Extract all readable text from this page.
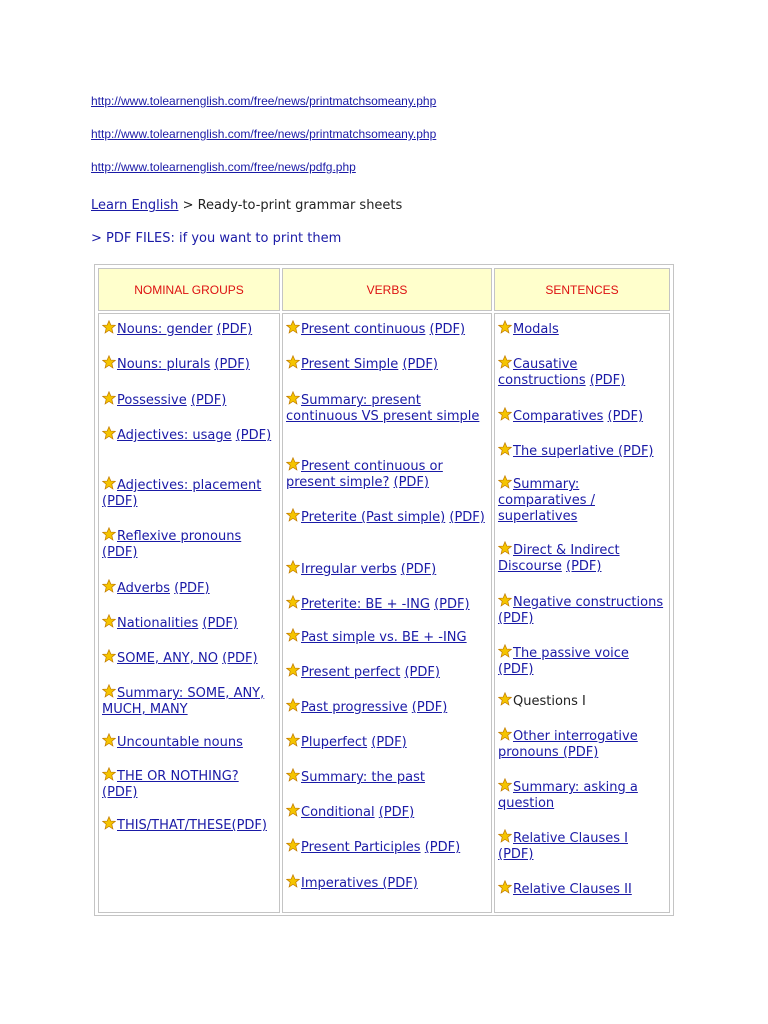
http://www.tolearnenglish.com/free/news/printmatchsomeany.php
http://www.tolearnenglish.com/free/news/printmatchsomeany.php
http://www.tolearnenglish.com/free/news/pdfg.php
Learn English > Ready-to-print grammar sheets
> PDF FILES: if you want to print them
NOMINAL GROUPS	VERBS	SENTENCES
Nouns: gender (PDF)
Nouns: plurals (PDF)
Possessive (PDF)
Adjectives: usage (PDF)
Adjectives: placement (PDF)
Reflexive pronouns (PDF)
Adverbs (PDF)
Nationalities (PDF)
SOME, ANY, NO (PDF)
Summary: SOME, ANY, MUCH, MANY
Uncountable nouns
THE OR NOTHING? (PDF)
THIS/THAT/THESE(PDF)
Present continuous (PDF)
Present Simple (PDF)
Summary: present continuous VS present simple
Present continuous or present simple? (PDF)
Preterite (Past simple) (PDF)
Irregular verbs (PDF)
Preterite: BE + -ING (PDF)
Past simple vs. BE + -ING
Present perfect (PDF)
Past progressive (PDF)
Pluperfect (PDF)
Summary: the past
Conditional (PDF)
Present Participles (PDF)
Imperatives (PDF)
Modals
Causative constructions (PDF)
Comparatives (PDF)
The superlative (PDF)
Summary: comparatives / superlatives
Direct & Indirect Discourse (PDF)
Negative constructions (PDF)
The passive voice (PDF)
Questions I
Other interrogative pronouns (PDF)
Summary: asking a question
Relative Clauses I (PDF)
Relative Clauses II
